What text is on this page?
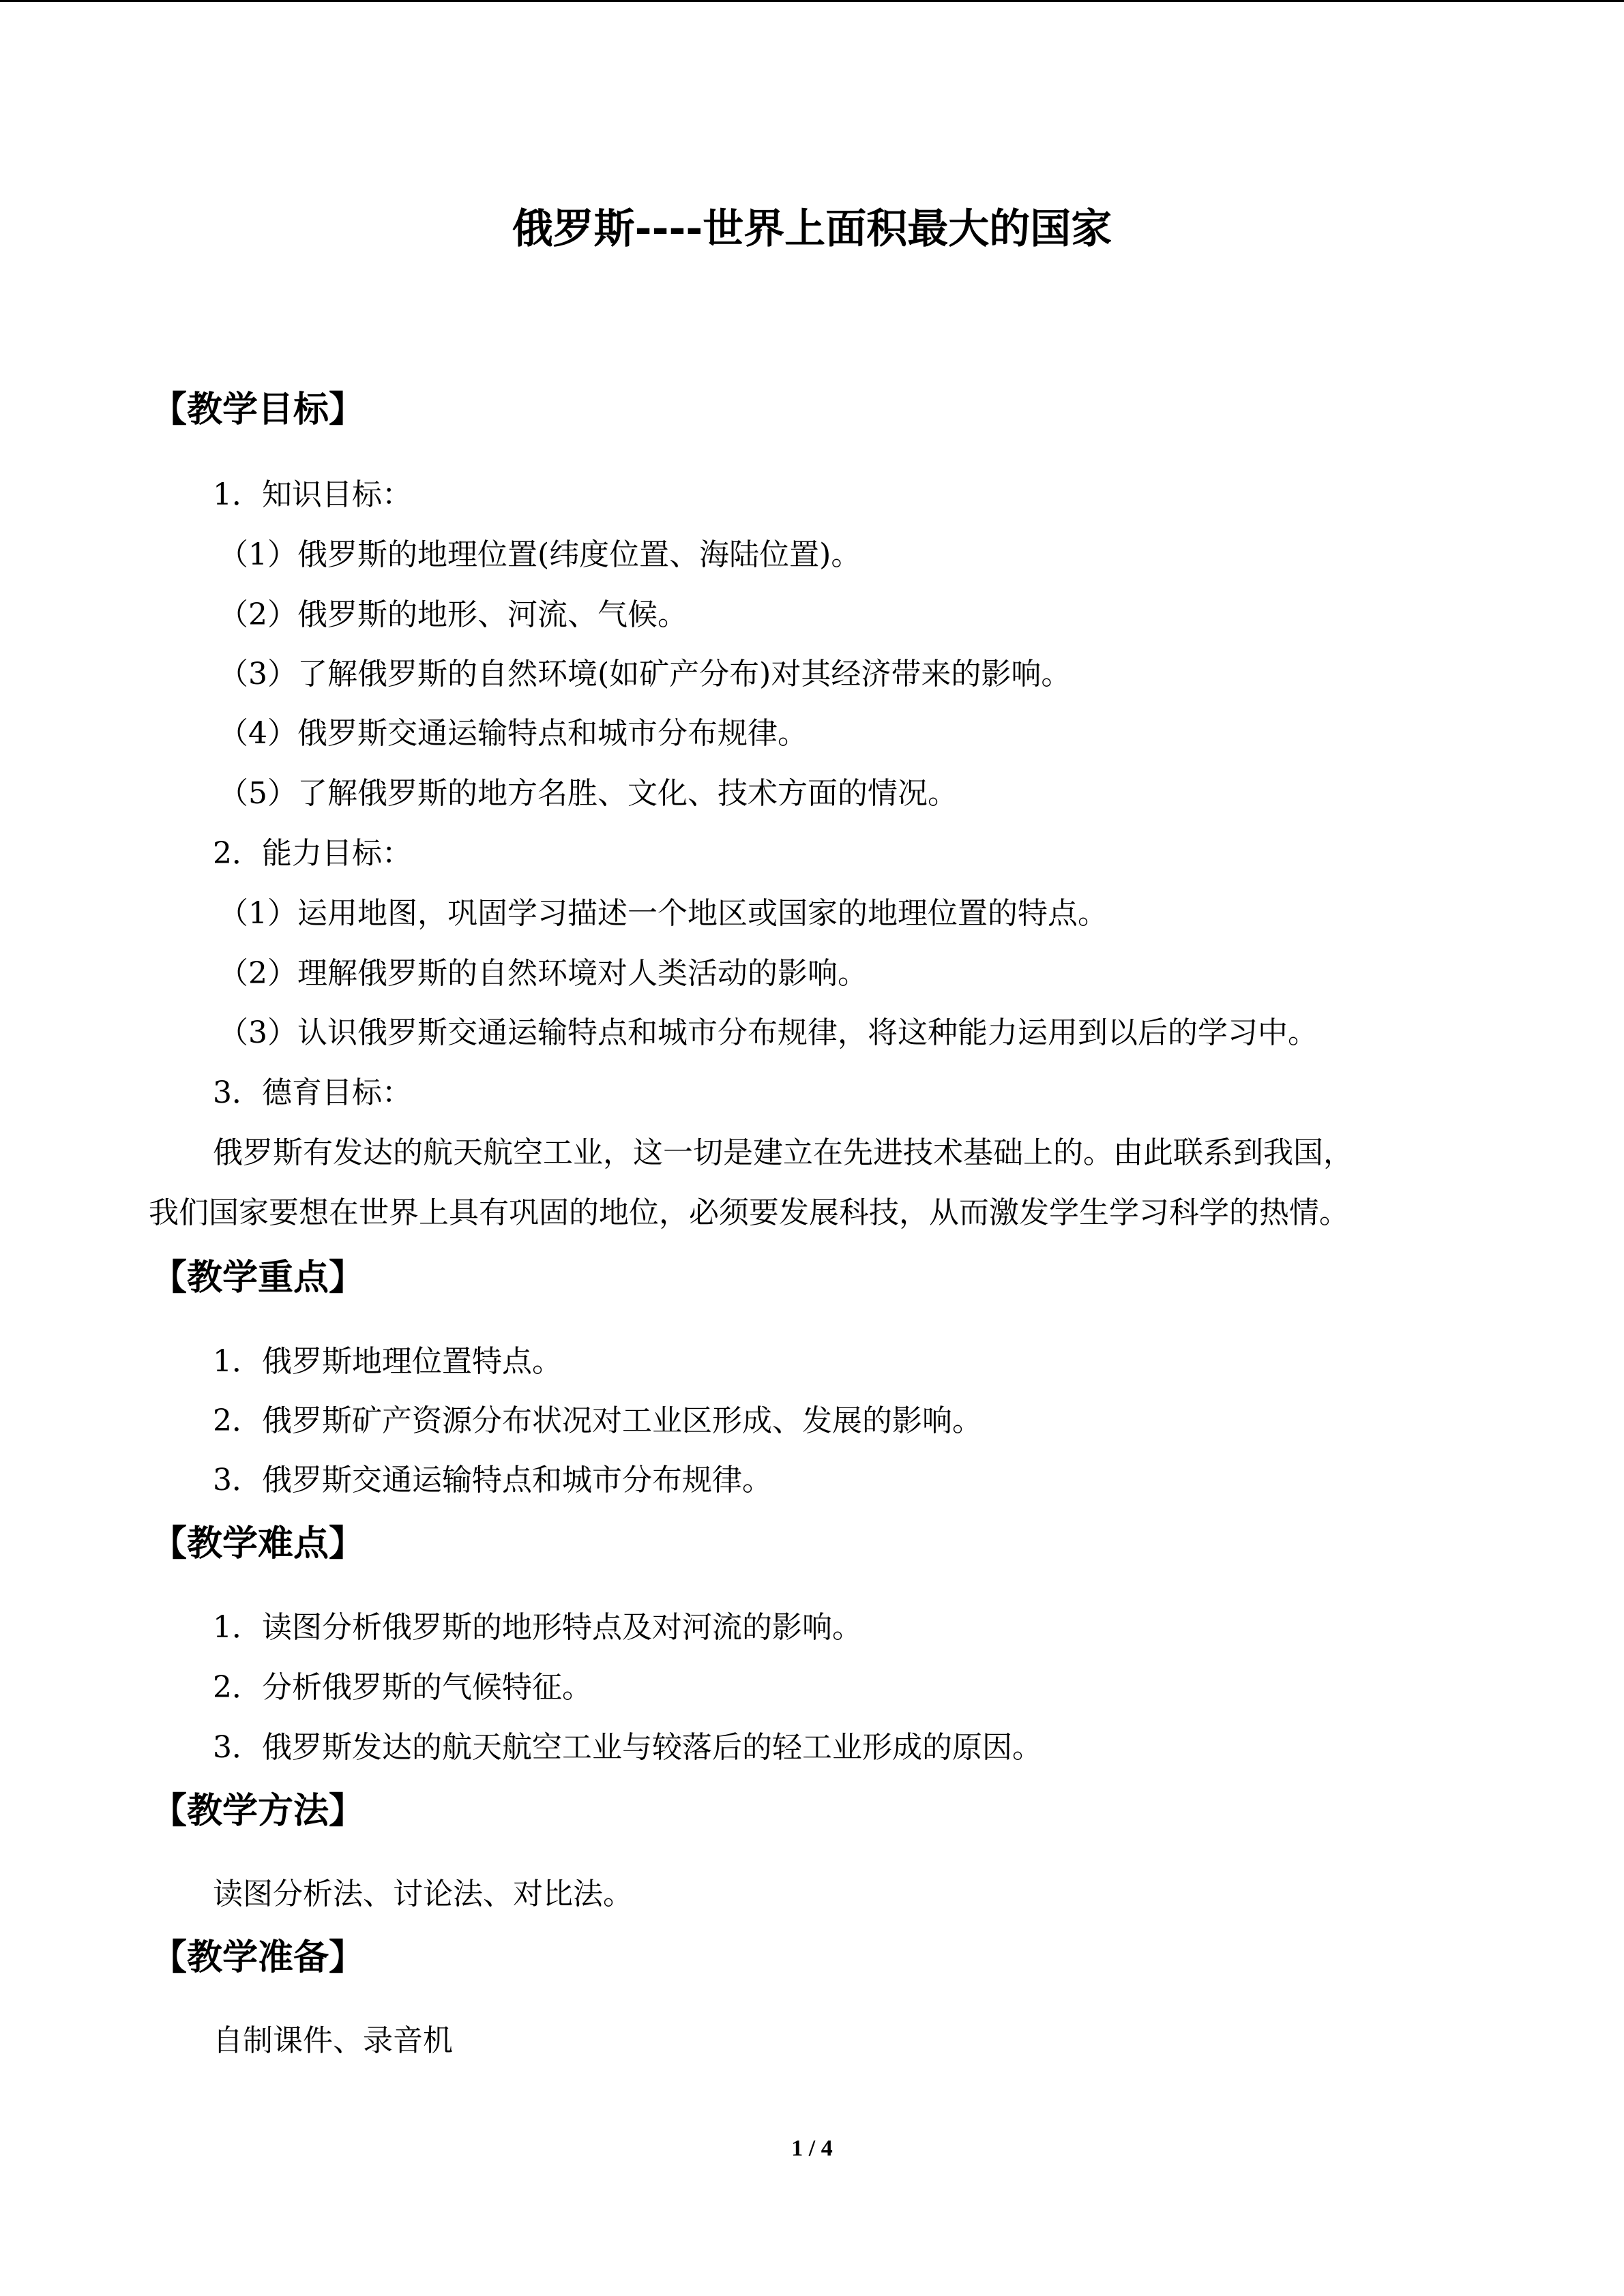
俄罗斯----世界上面积最大的国家
【教学目标】
1．知识目标：
（1）俄罗斯的地理位置(纬度位置、海陆位置)。
（2）俄罗斯的地形、河流、气候。
（3）了解俄罗斯的自然环境(如矿产分布)对其经济带来的影响。
（4）俄罗斯交通运输特点和城市分布规律。
（5）了解俄罗斯的地方名胜、文化、技术方面的情况。
2．能力目标：
（1）运用地图，巩固学习描述一个地区或国家的地理位置的特点。
（2）理解俄罗斯的自然环境对人类活动的影响。
（3）认识俄罗斯交通运输特点和城市分布规律，将这种能力运用到以后的学习中。
3．德育目标：
俄罗斯有发达的航天航空工业，这一切是建立在先进技术基础上的。由此联系到我国，
我们国家要想在世界上具有巩固的地位，必须要发展科技，从而激发学生学习科学的热情。
【教学重点】
1．俄罗斯地理位置特点。
2．俄罗斯矿产资源分布状况对工业区形成、发展的影响。
3．俄罗斯交通运输特点和城市分布规律。
【教学难点】
1．读图分析俄罗斯的地形特点及对河流的影响。
2．分析俄罗斯的气候特征。
3．俄罗斯发达的航天航空工业与较落后的轻工业形成的原因。
【教学方法】
读图分析法、讨论法、对比法。
【教学准备】
自制课件、录音机
1 / 4
